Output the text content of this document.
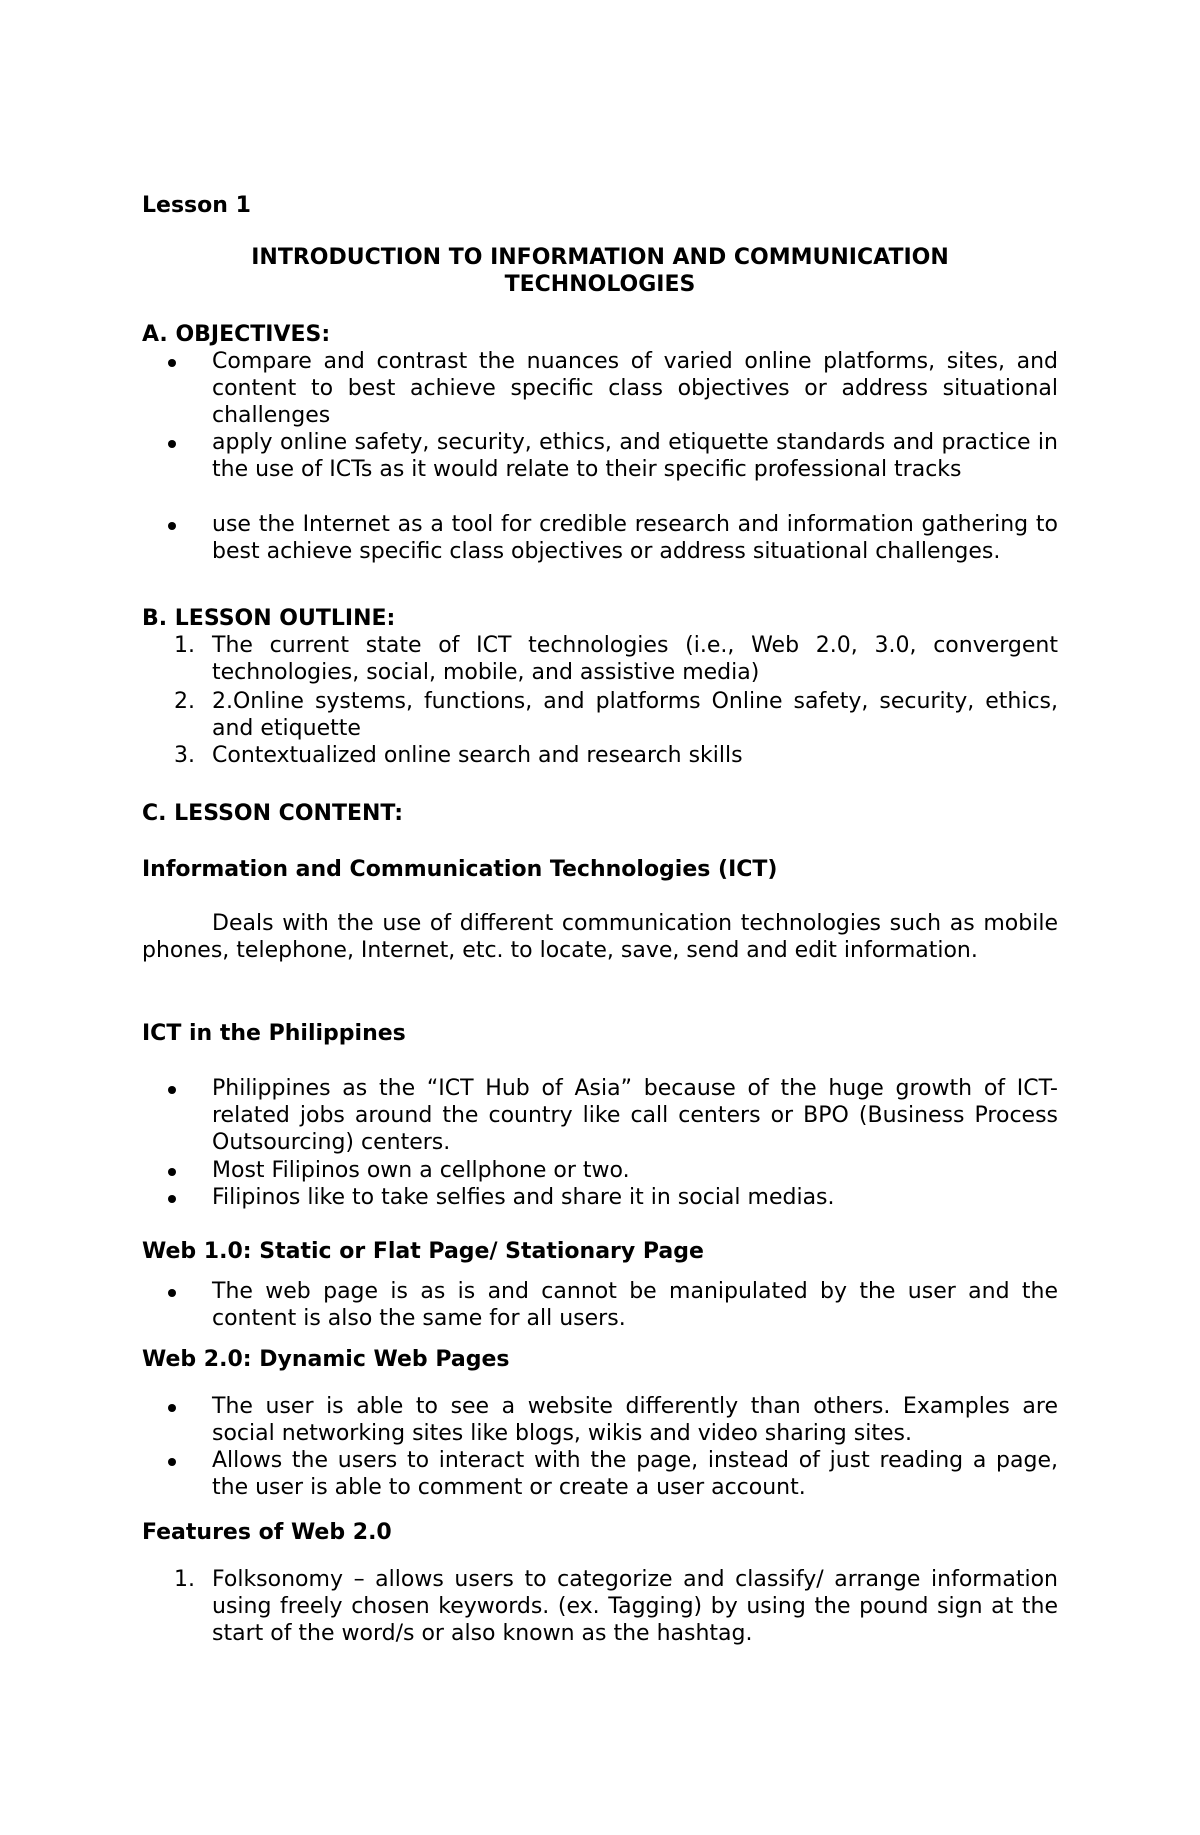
Lesson 1
INTRODUCTION TO INFORMATION AND COMMUNICATION
TECHNOLOGIES
A. OBJECTIVES:
Compare and contrast the nuances of varied online platforms, sites, and content to best achieve specific class objectives or address situational challenges
apply online safety, security, ethics, and etiquette standards and practice in the use of ICTs as it would relate to their specific professional tracks
use the Internet as a tool for credible research and information gathering to best achieve specific class objectives or address situational challenges.
B. LESSON OUTLINE:
1. The current state of ICT technologies (i.e., Web 2.0, 3.0, convergent technologies, social, mobile, and assistive media)
2. 2.Online systems, functions, and platforms Online safety, security, ethics, and etiquette
3. Contextualized online search and research skills
C. LESSON CONTENT:
Information and Communication Technologies (ICT)
Deals with the use of different communication technologies such as mobile phones, telephone, Internet, etc. to locate, save, send and edit information.
ICT in the Philippines
Philippines as the “ICT Hub of Asia” because of the huge growth of ICT-related jobs around the country like call centers or BPO (Business Process Outsourcing) centers.
Most Filipinos own a cellphone or two.
Filipinos like to take selfies and share it in social medias.
Web 1.0: Static or Flat Page/ Stationary Page
The web page is as is and cannot be manipulated by the user and the content is also the same for all users.
Web 2.0: Dynamic Web Pages
The user is able to see a website differently than others. Examples are social networking sites like blogs, wikis and video sharing sites.
Allows the users to interact with the page, instead of just reading a page, the user is able to comment or create a user account.
Features of Web 2.0
1. Folksonomy – allows users to categorize and classify/ arrange information using freely chosen keywords. (ex. Tagging) by using the pound sign at the start of the word/s or also known as the hashtag.
